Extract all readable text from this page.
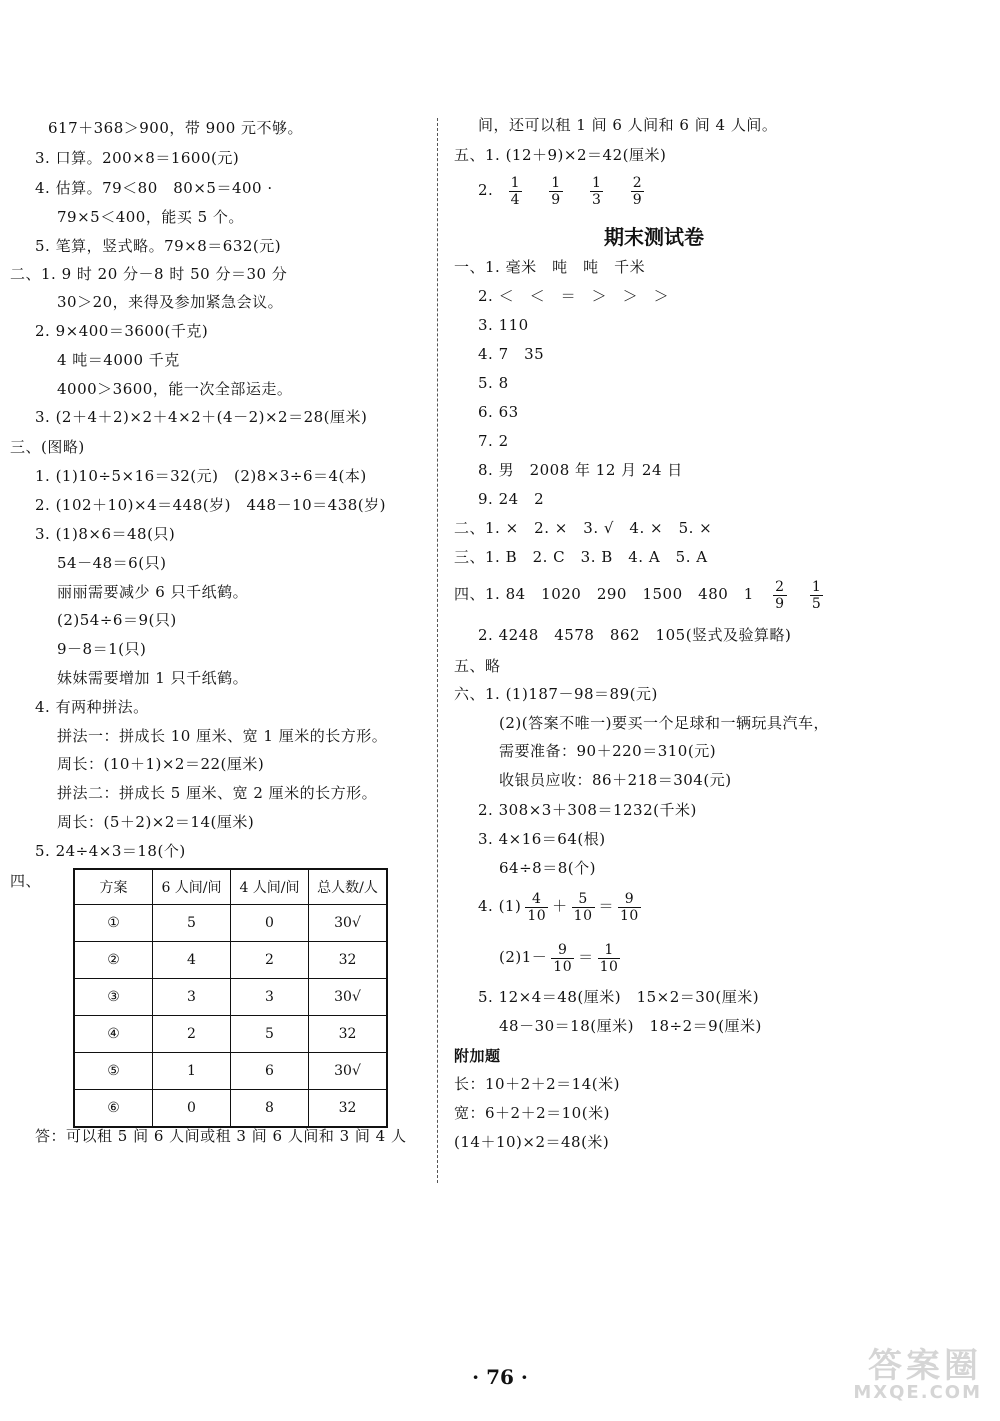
617＋368＞900，带 900 元不够。
3. 口算。200×8＝1600(元)
4. 估算。79＜80　80×5＝400 ·
79×5＜400，能买 5 个。
5. 笔算，竖式略。79×8＝632(元)
二、1. 9 时 20 分－8 时 50 分＝30 分
30＞20，来得及参加紧急会议。
2. 9×400＝3600(千克)
4 吨＝4000 千克
4000＞3600，能一次全部运走。
3. (2＋4＋2)×2＋4×2＋(4－2)×2＝28(厘米)
三、(图略)
1. (1)10÷5×16＝32(元)　(2)8×3÷6＝4(本)
2. (102＋10)×4＝448(岁)　448－10＝438(岁)
3. (1)8×6＝48(只)
54－48＝6(只)
丽丽需要减少 6 只千纸鹤。
(2)54÷6＝9(只)
9－8＝1(只)
妹妹需要增加 1 只千纸鹤。
4. 有两种拼法。
拼法一：拼成长 10 厘米、宽 1 厘米的长方形。
周长：(10＋1)×2＝22(厘米)
拼法二：拼成长 5 厘米、宽 2 厘米的长方形。
周长：(5＋2)×2＝14(厘米)
5. 24÷4×3＝18(个)
四、	方案	6 人间/间	4 人间/间	总人数/人
①	5	0	30√
②	4	2	32
③	3	3	30√
④	2	5	32
⑤	1	6	30√
⑥	0	8	32
答：可以租 5 间 6 人间或租 3 间 6 人间和 3 间 4 人
间，还可以租 1 间 6 人间和 6 间 4 人间。
五、1. (12＋9)×2＝42(厘米)
2. $\frac{1}{4}$
$\frac{1}{9}$
$\frac{1}{3}$
$\frac{2}{9}$
期末测试卷
一、1. 毫米　吨　吨　千米
2. ＜　＜　＝　＞　＞　＞
3. 110
4. 7　35
5. 8
6. 63
7. 2
8. 男　2008 年 12 月 24 日
9. 24　2
二、1. ×　2. ×　3. √　4. ×　5. ×
三、1. B　2. C　3. B　4. A　5. A
四、1. 84　1020　290　1500　480　$1 \frac{2}{9}$
$\frac{1}{5}$
2. 4248　4578　862　105(竖式及验算略)
五、略
六、1. (1)187－98＝89(元)
(2)(答案不唯一)要买一个足球和一辆玩具汽车，
需要准备：90＋220＝310(元)
收银员应收：86＋218＝304(元)
2. 308×3＋308＝1232(千米)
3. 4×16＝64(根)
64÷8＝8(个)
4. $(1) \frac{4}{10} + \frac{5}{10} = \frac{9}{10}$
$(2)1- \frac{9}{10} = \frac{1}{10}$
5. 12×4＝48(厘米)　15×2＝30(厘米)
48－30＝18(厘米)　18÷2＝9(厘米)
附加题
长：10＋2＋2＝14(米)
宽：6＋2＋2＝10(米)
(14＋10)×2＝48(米)
· 76 ·	答案圈
MXQE.COM
